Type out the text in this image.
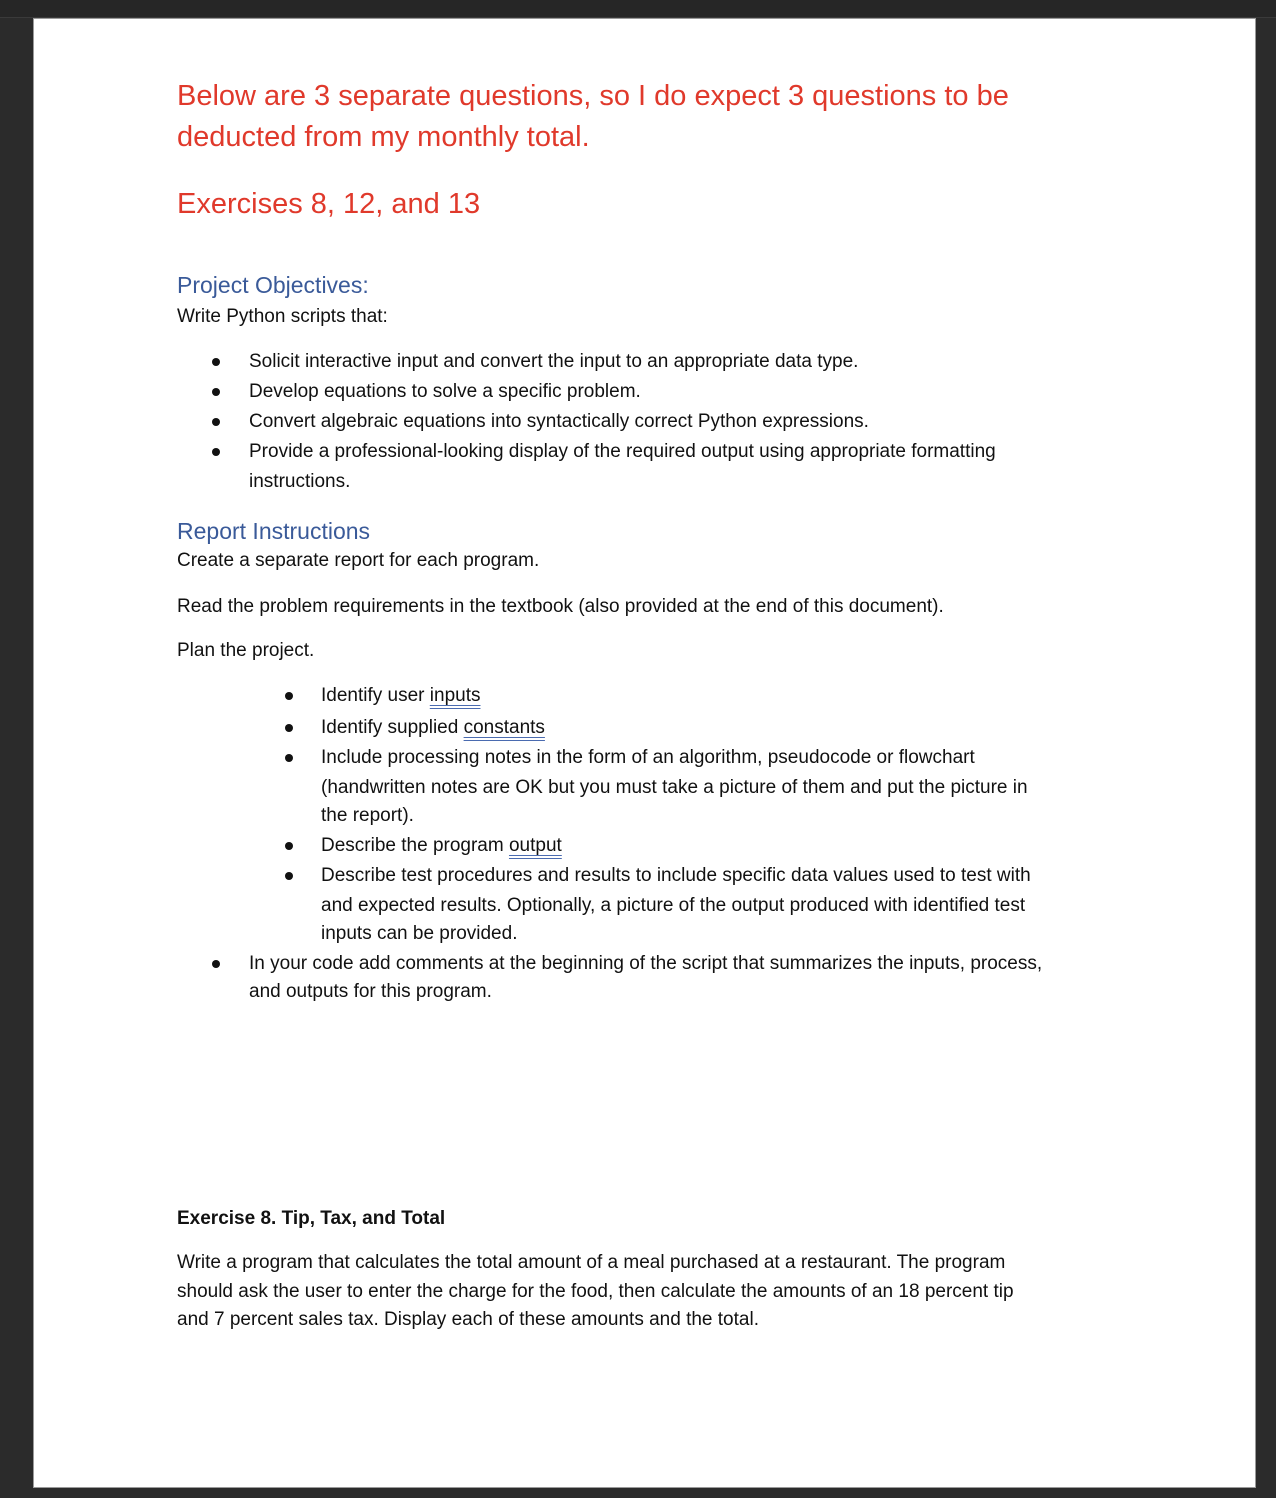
Below are 3 separate questions, so I do expect 3 questions to be

deducted from my monthly total.

Exercises 8, 12, and 13

Project Objectives:

Write Python scripts that:

Solicit interactive input and convert the input to an appropriate data type.
Develop equations to solve a specific problem.
Convert algebraic equations into syntactically correct Python expressions.
Provide a professional-looking display of the required output using appropriate formatting
instructions.

Report Instructions

Create a separate report for each program.

Read the problem requirements in the textbook (also provided at the end of this document).

Plan the project.

Identify user inputs
Identify supplied constants
Include processing notes in the form of an algorithm, pseudocode or flowchart
(handwritten notes are OK but you must take a picture of them and put the picture in
the report).
Describe the program output
Describe test procedures and results to include specific data values used to test with
and expected results. Optionally, a picture of the output produced with identified test
inputs can be provided.
In your code add comments at the beginning of the script that summarizes the inputs, process,
and outputs for this program.

Exercise 8. Tip, Tax, and Total

Write a program that calculates the total amount of a meal purchased at a restaurant. The program

should ask the user to enter the charge for the food, then calculate the amounts of an 18 percent tip

and 7 percent sales tax. Display each of these amounts and the total.
